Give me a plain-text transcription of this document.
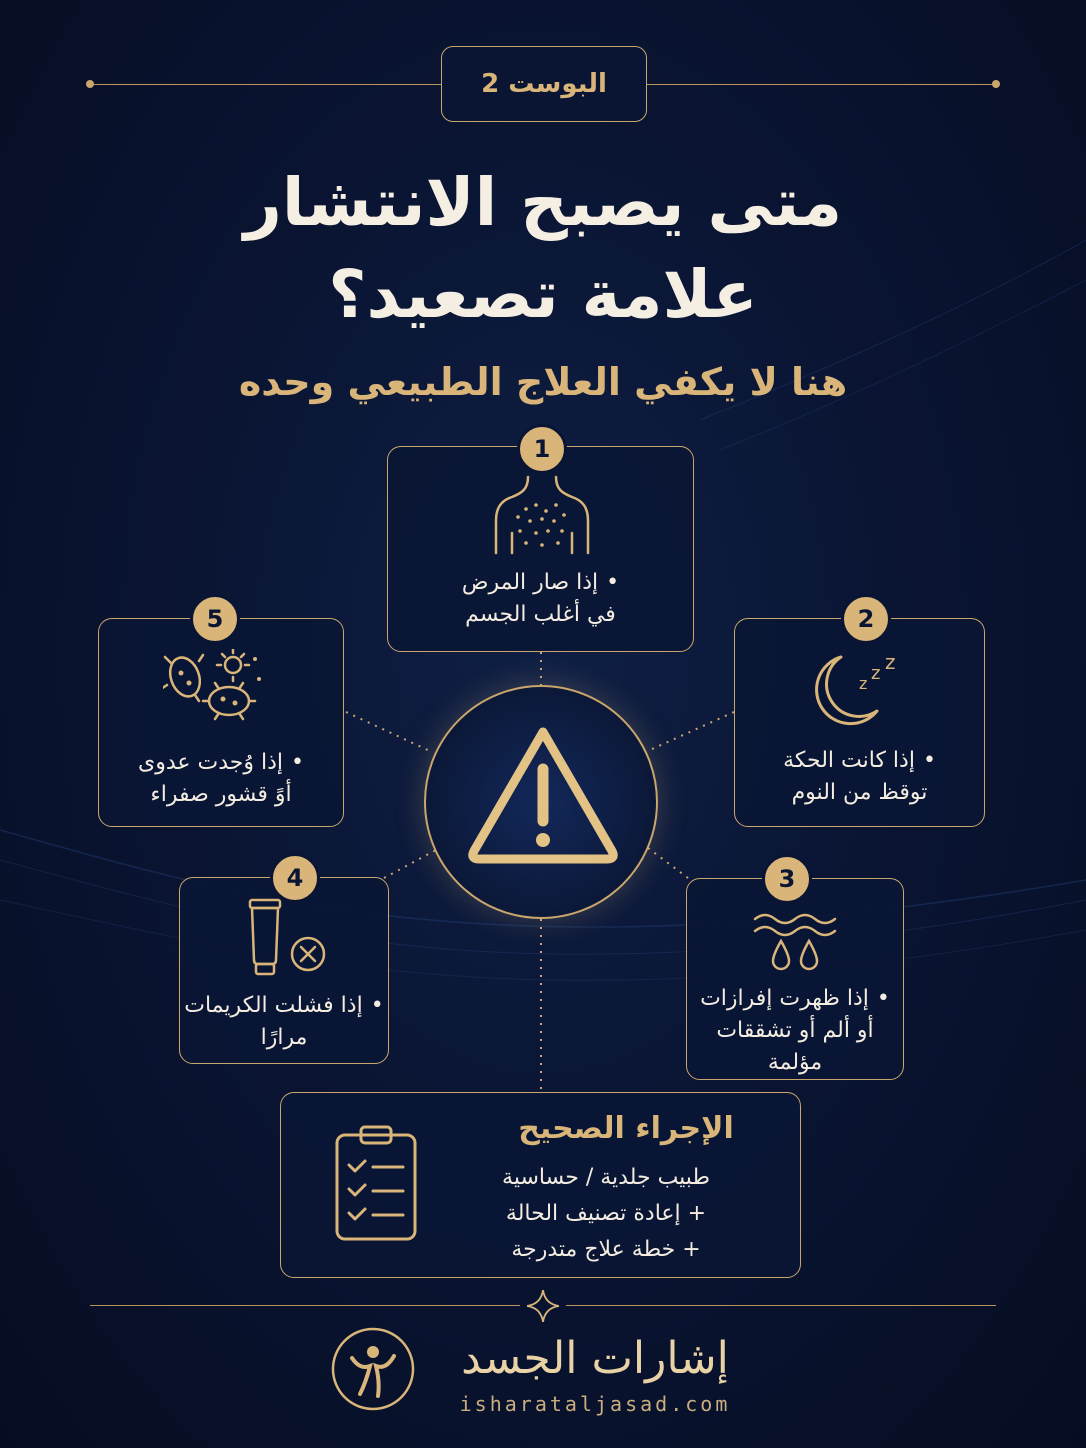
البوست 2
متى يصبح الانتشار
علامة تصعيد؟
هنا لا يكفي العلاج الطبيعي وحده
•إذا صار المرض
في أغلب الجسم
1
z z z
•إذا كانت الحكة
توقظ من النوم
2
•إذا ظهرت إفرازات
أو ألم أو تشققات
مؤلمة
3
•إذا فشلت الكريمات
مرارًا
4
•إذا وُجدت عدوى
أوً قشور صفراء
5
الإجراء الصحيح
طبيب جلدية / حساسية
+ إعادة تصنيف الحالة
+ خطة علاج متدرجة
إشارات الجسد
isharataljasad.com
